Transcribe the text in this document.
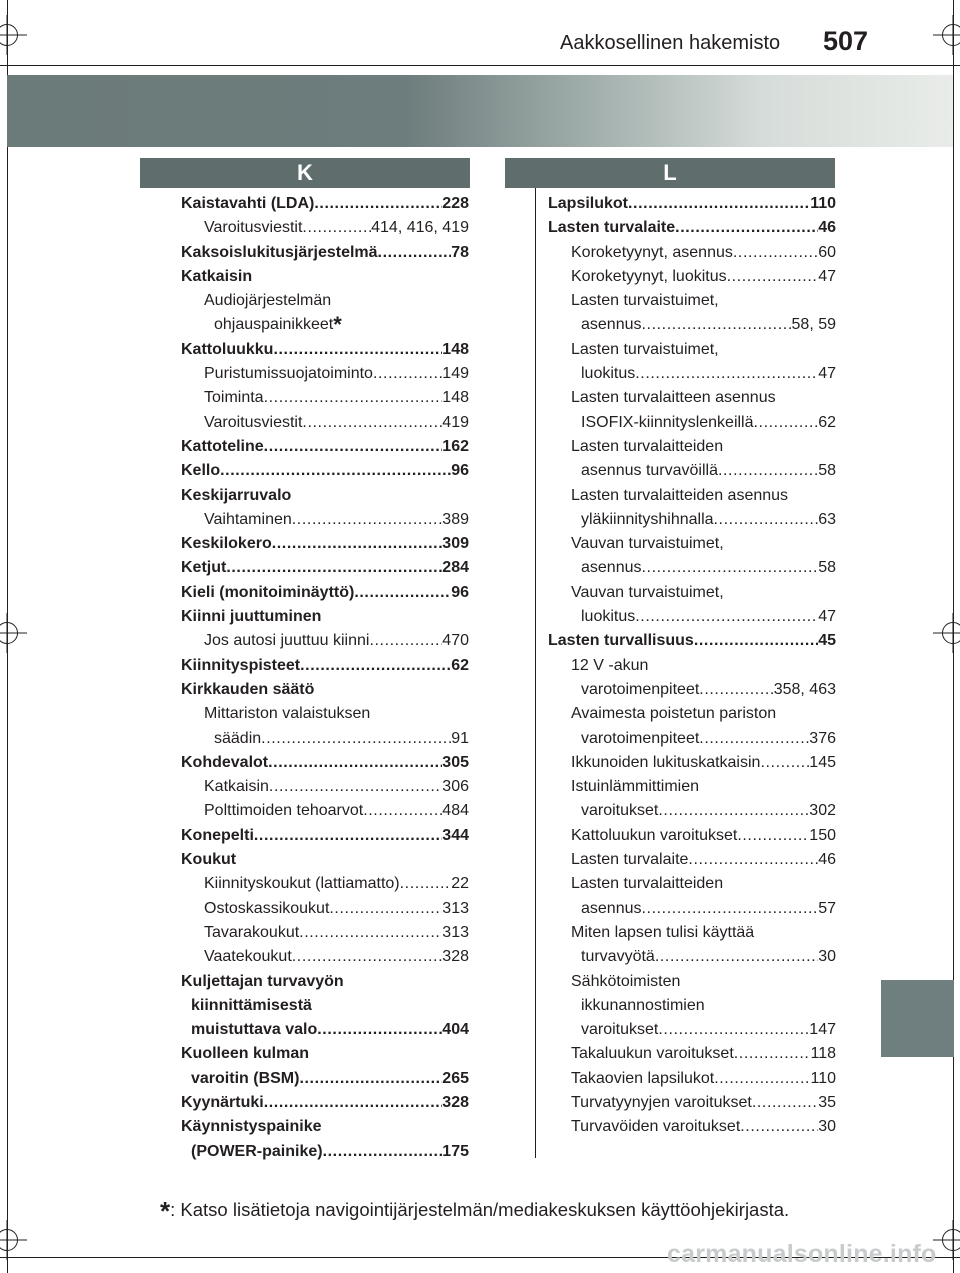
Aakkosellinen hakemisto 507
K	L
Kaistavahti (LDA) .....	228
Varoitusviestit .....	414, 416, 419
Kaksoislukitusjärjestelmä .....	78
Katkaisin
Audiojärjestelmän
ohjauspainikkeet*
Kattoluukku .....	148
Puristumissuojatoiminto .....	149
Toiminta .....	148
Varoitusviestit .....	419
Kattoteline .....	162
Kello .....	96
Keskijarruvalo
Vaihtaminen .....	389
Keskilokero .....	309
Ketjut .....	284
Kieli (monitoiminäyttö) .....	96
Kiinni juuttuminen
Jos autosi juuttuu kiinni .....	470
Kiinnityspisteet .....	62
Kirkkauden säätö
Mittariston valaistuksen
säädin .....	91
Kohdevalot .....	305
Katkaisin .....	306
Polttimoiden tehoarvot .....	484
Konepelti .....	344
Koukut
Kiinnityskoukut (lattiamatto) .....	22
Ostoskassikoukut .....	313
Tavarakoukut .....	313
Vaatekoukut .....	328
Kuljettajan turvavyön
kiinnittämisestä
muistuttava valo .....	404
Kuolleen kulman
varoitin (BSM) .....	265
Kyynärtuki .....	328
Käynnistyspainike
(POWER-painike) .....	175
Lapsilukot .....	110
Lasten turvalaite .....	46
Koroketyynyt, asennus .....	60
Koroketyynyt, luokitus .....	47
Lasten turvaistuimet,
asennus .....	58, 59
Lasten turvaistuimet,
luokitus .....	47
Lasten turvalaitteen asennus
ISOFIX-kiinnityslenkeillä .....	62
Lasten turvalaitteiden
asennus turvavöillä .....	58
Lasten turvalaitteiden asennus
yläkiinnityshihnalla .....	63
Vauvan turvaistuimet,
asennus .....	58
Vauvan turvaistuimet,
luokitus .....	47
Lasten turvallisuus .....	45
12 V -akun
varotoimenpiteet .....	358, 463
Avaimesta poistetun pariston
varotoimenpiteet .....	376
Ikkunoiden lukituskatkaisin .....	145
Istuinlämmittimien
varoitukset .....	302
Kattoluukun varoitukset .....	150
Lasten turvalaite .....	46
Lasten turvalaitteiden
asennus .....	57
Miten lapsen tulisi käyttää
turvavyötä .....	30
Sähkötoimisten
ikkunannostimien
varoitukset .....	147
Takaluukun varoitukset .....	118
Takaovien lapsilukot .....	110
Turvatyynyjen varoitukset .....	35
Turvavöiden varoitukset .....	30
*: Katso lisätietoja navigointijärjestelmän/mediakeskuksen käyttöohjekirjasta.
carmanualsonline.info
